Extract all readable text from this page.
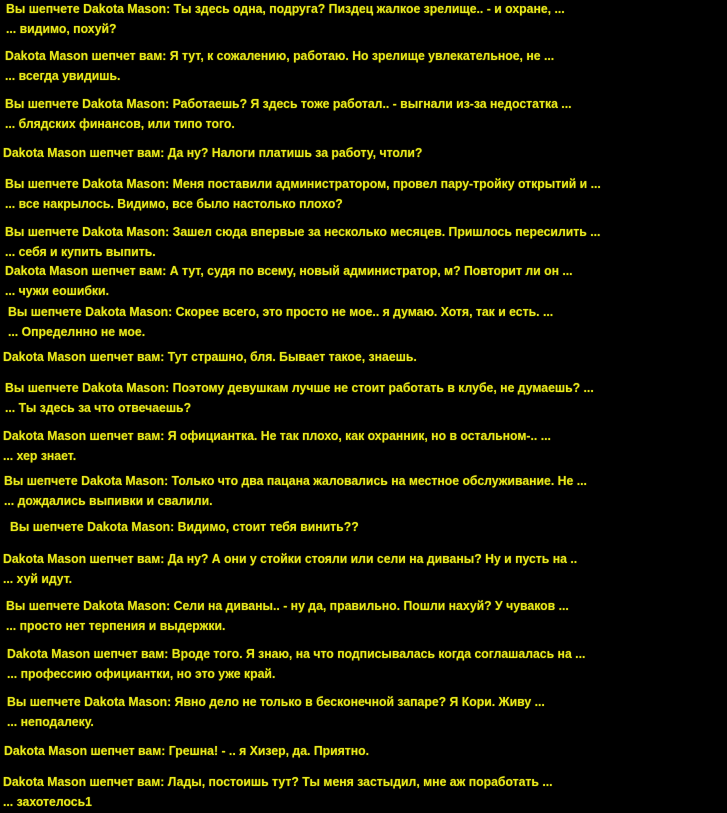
Вы шепчете Dakota Mason: Ты здесь одна, подруга? Пиздец жалкое зрелище.. - и охране, ...
... видимо, похуй?
Dakota Mason шепчет вам: Я тут, к сожалению, работаю. Но зрелище увлекательное, не ...
... всегда увидишь.
Вы шепчете Dakota Mason: Работаешь? Я здесь тоже работал.. - выгнали из-за недостатка ...
... блядских финансов, или типо того.
Dakota Mason шепчет вам: Да ну? Налоги платишь за работу, чтоли?
Вы шепчете Dakota Mason: Меня поставили администратором, провел пару-тройку открытий и ...
... все накрылось. Видимо, все было настолько плохо?
Вы шепчете Dakota Mason: Зашел сюда впервые за несколько месяцев. Пришлось пересилить ...
... себя и купить выпить.
Dakota Mason шепчет вам: А тут, судя по всему, новый администратор, м? Повторит ли он ...
... чужи еошибки.
Вы шепчете Dakota Mason: Скорее всего, это просто не мое.. я думаю. Хотя, так и есть. ...
... Определнно не мое.
Dakota Mason шепчет вам: Тут страшно, бля. Бывает такое, знаешь.
Вы шепчете Dakota Mason: Поэтому девушкам лучше не стоит работать в клубе, не думаешь? ...
... Ты здесь за что отвечаешь?
Dakota Mason шепчет вам: Я официантка. Не так плохо, как охранник, но в остальном-.. ...
... хер знает.
Вы шепчете Dakota Mason: Только что два пацана жаловались на местное обслуживание. Не ...
... дождались выпивки и свалили.
Вы шепчете Dakota Mason: Видимо, стоит тебя винить??
Dakota Mason шепчет вам: Да ну? А они у стойки стояли или сели на диваны? Ну и пусть на ..
... хуй идут.
Вы шепчете Dakota Mason: Сели на диваны.. - ну да, правильно. Пошли нахуй? У чуваков ...
... просто нет терпения и выдержки.
Dakota Mason шепчет вам: Вроде того. Я знаю, на что подписывалась когда соглашалась на ...
... профессию официантки, но это уже край.
Вы шепчете Dakota Mason: Явно дело не только в бесконечной запаре? Я Кори. Живу ...
... неподалеку.
Dakota Mason шепчет вам: Грешна! - .. я Хизер, да. Приятно.
Dakota Mason шепчет вам: Лады, постоишь тут? Ты меня застыдил, мне аж поработать ...
... захотелось1
